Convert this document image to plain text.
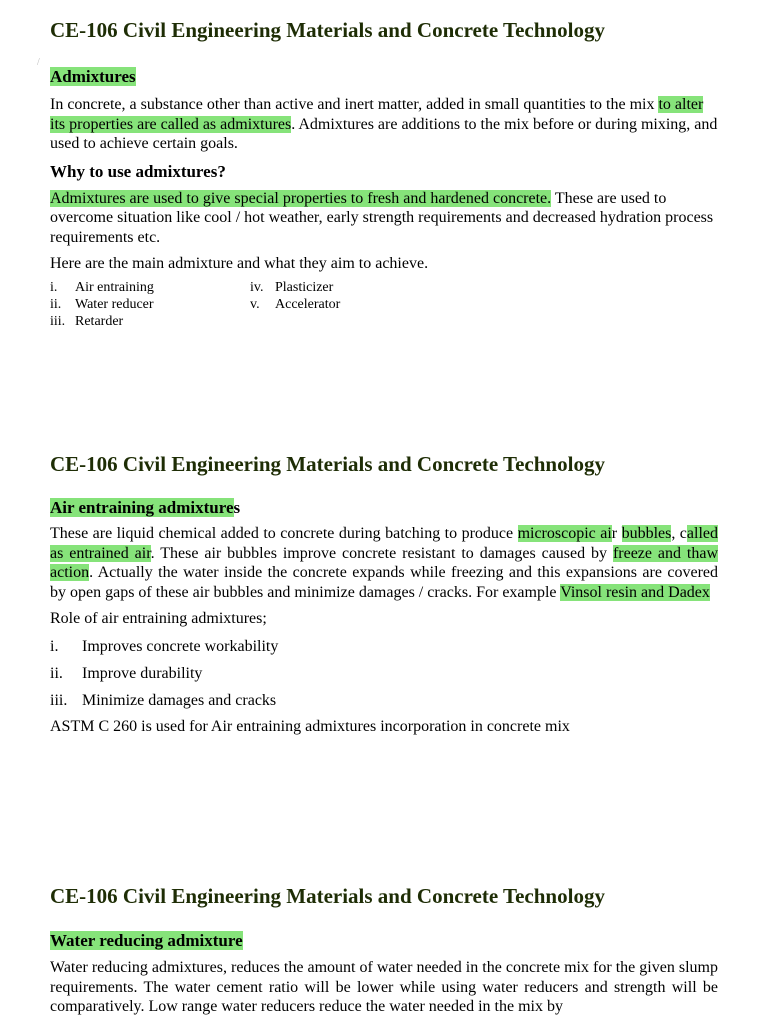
/
CE-106 Civil Engineering Materials and Concrete Technology
Admixtures

In concrete, a substance other than active and inert matter, added in small quantities to the mix to alter its properties are called as admixtures. Admixtures are additions to the mix before or during mixing, and used to achieve certain goals.

Why to use admixtures?

Admixtures are used to give special properties to fresh and hardened concrete. These are used to overcome situation like cool / hot weather, early strength requirements and decreased hydration process requirements etc.

Here are the main admixture and what they aim to achieve.

i. Air entraining
ii. Water reducer
iii. Retarder
iv. Plasticizer
v. Accelerator
CE-106 Civil Engineering Materials and Concrete Technology
Air entraining admixtures

These are liquid chemical added to concrete during batching to produce microscopic air bubbles, called as entrained air. These air bubbles improve concrete resistant to damages caused by freeze and thaw action. Actually the water inside the concrete expands while freezing and this expansions are covered by open gaps of these air bubbles and minimize damages / cracks. For example Vinsol resin and Dadex

Role of air entraining admixtures;

i. Improves concrete workability
ii. Improve durability
iii. Minimize damages and cracks

ASTM C 260 is used for Air entraining admixtures incorporation in concrete mix

CE-106 Civil Engineering Materials and Concrete Technology
Water reducing admixture

Water reducing admixtures, reduces the amount of water needed in the concrete mix for the given slump requirements. The water cement ratio will be lower while using water reducers and strength will be comparatively. Low range water reducers reduce the water needed in the mix by
